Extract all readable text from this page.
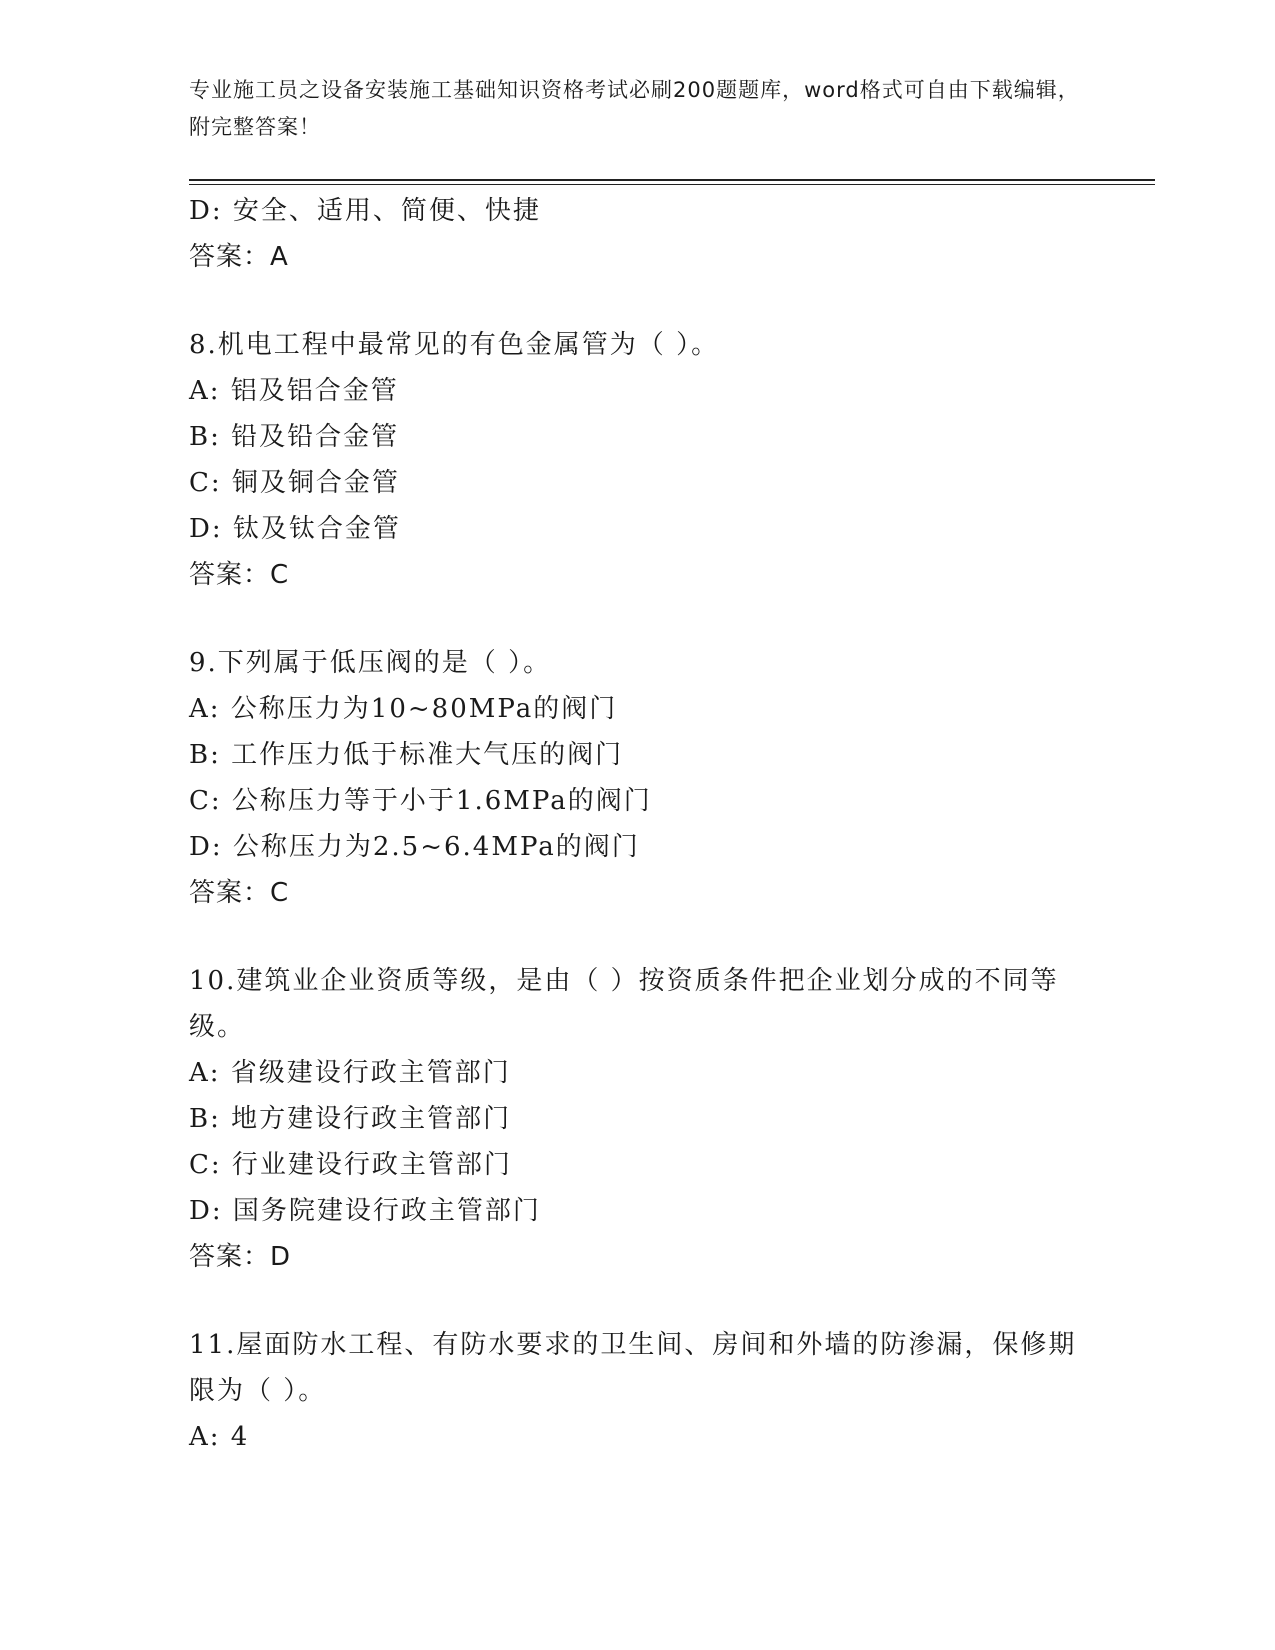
专业施工员之设备安装施工基础知识资格考试必刷200题题库，word格式可自由下载编辑，附完整答案！
D: 安全、适用、简便、快捷
答案：A
8.机电工程中最常见的有色金属管为（ ）。
A: 铝及铝合金管
B: 铅及铅合金管
C: 铜及铜合金管
D: 钛及钛合金管
答案：C
9.下列属于低压阀的是（ ）。
A: 公称压力为10~80MPa的阀门
B: 工作压力低于标准大气压的阀门
C: 公称压力等于小于1.6MPa的阀门
D: 公称压力为2.5~6.4MPa的阀门
答案：C
10.建筑业企业资质等级，是由（ ）按资质条件把企业划分成的不同等级。
A: 省级建设行政主管部门
B: 地方建设行政主管部门
C: 行业建设行政主管部门
D: 国务院建设行政主管部门
答案：D
11.屋面防水工程、有防水要求的卫生间、房间和外墙的防渗漏，保修期限为（ ）。
A: 4
